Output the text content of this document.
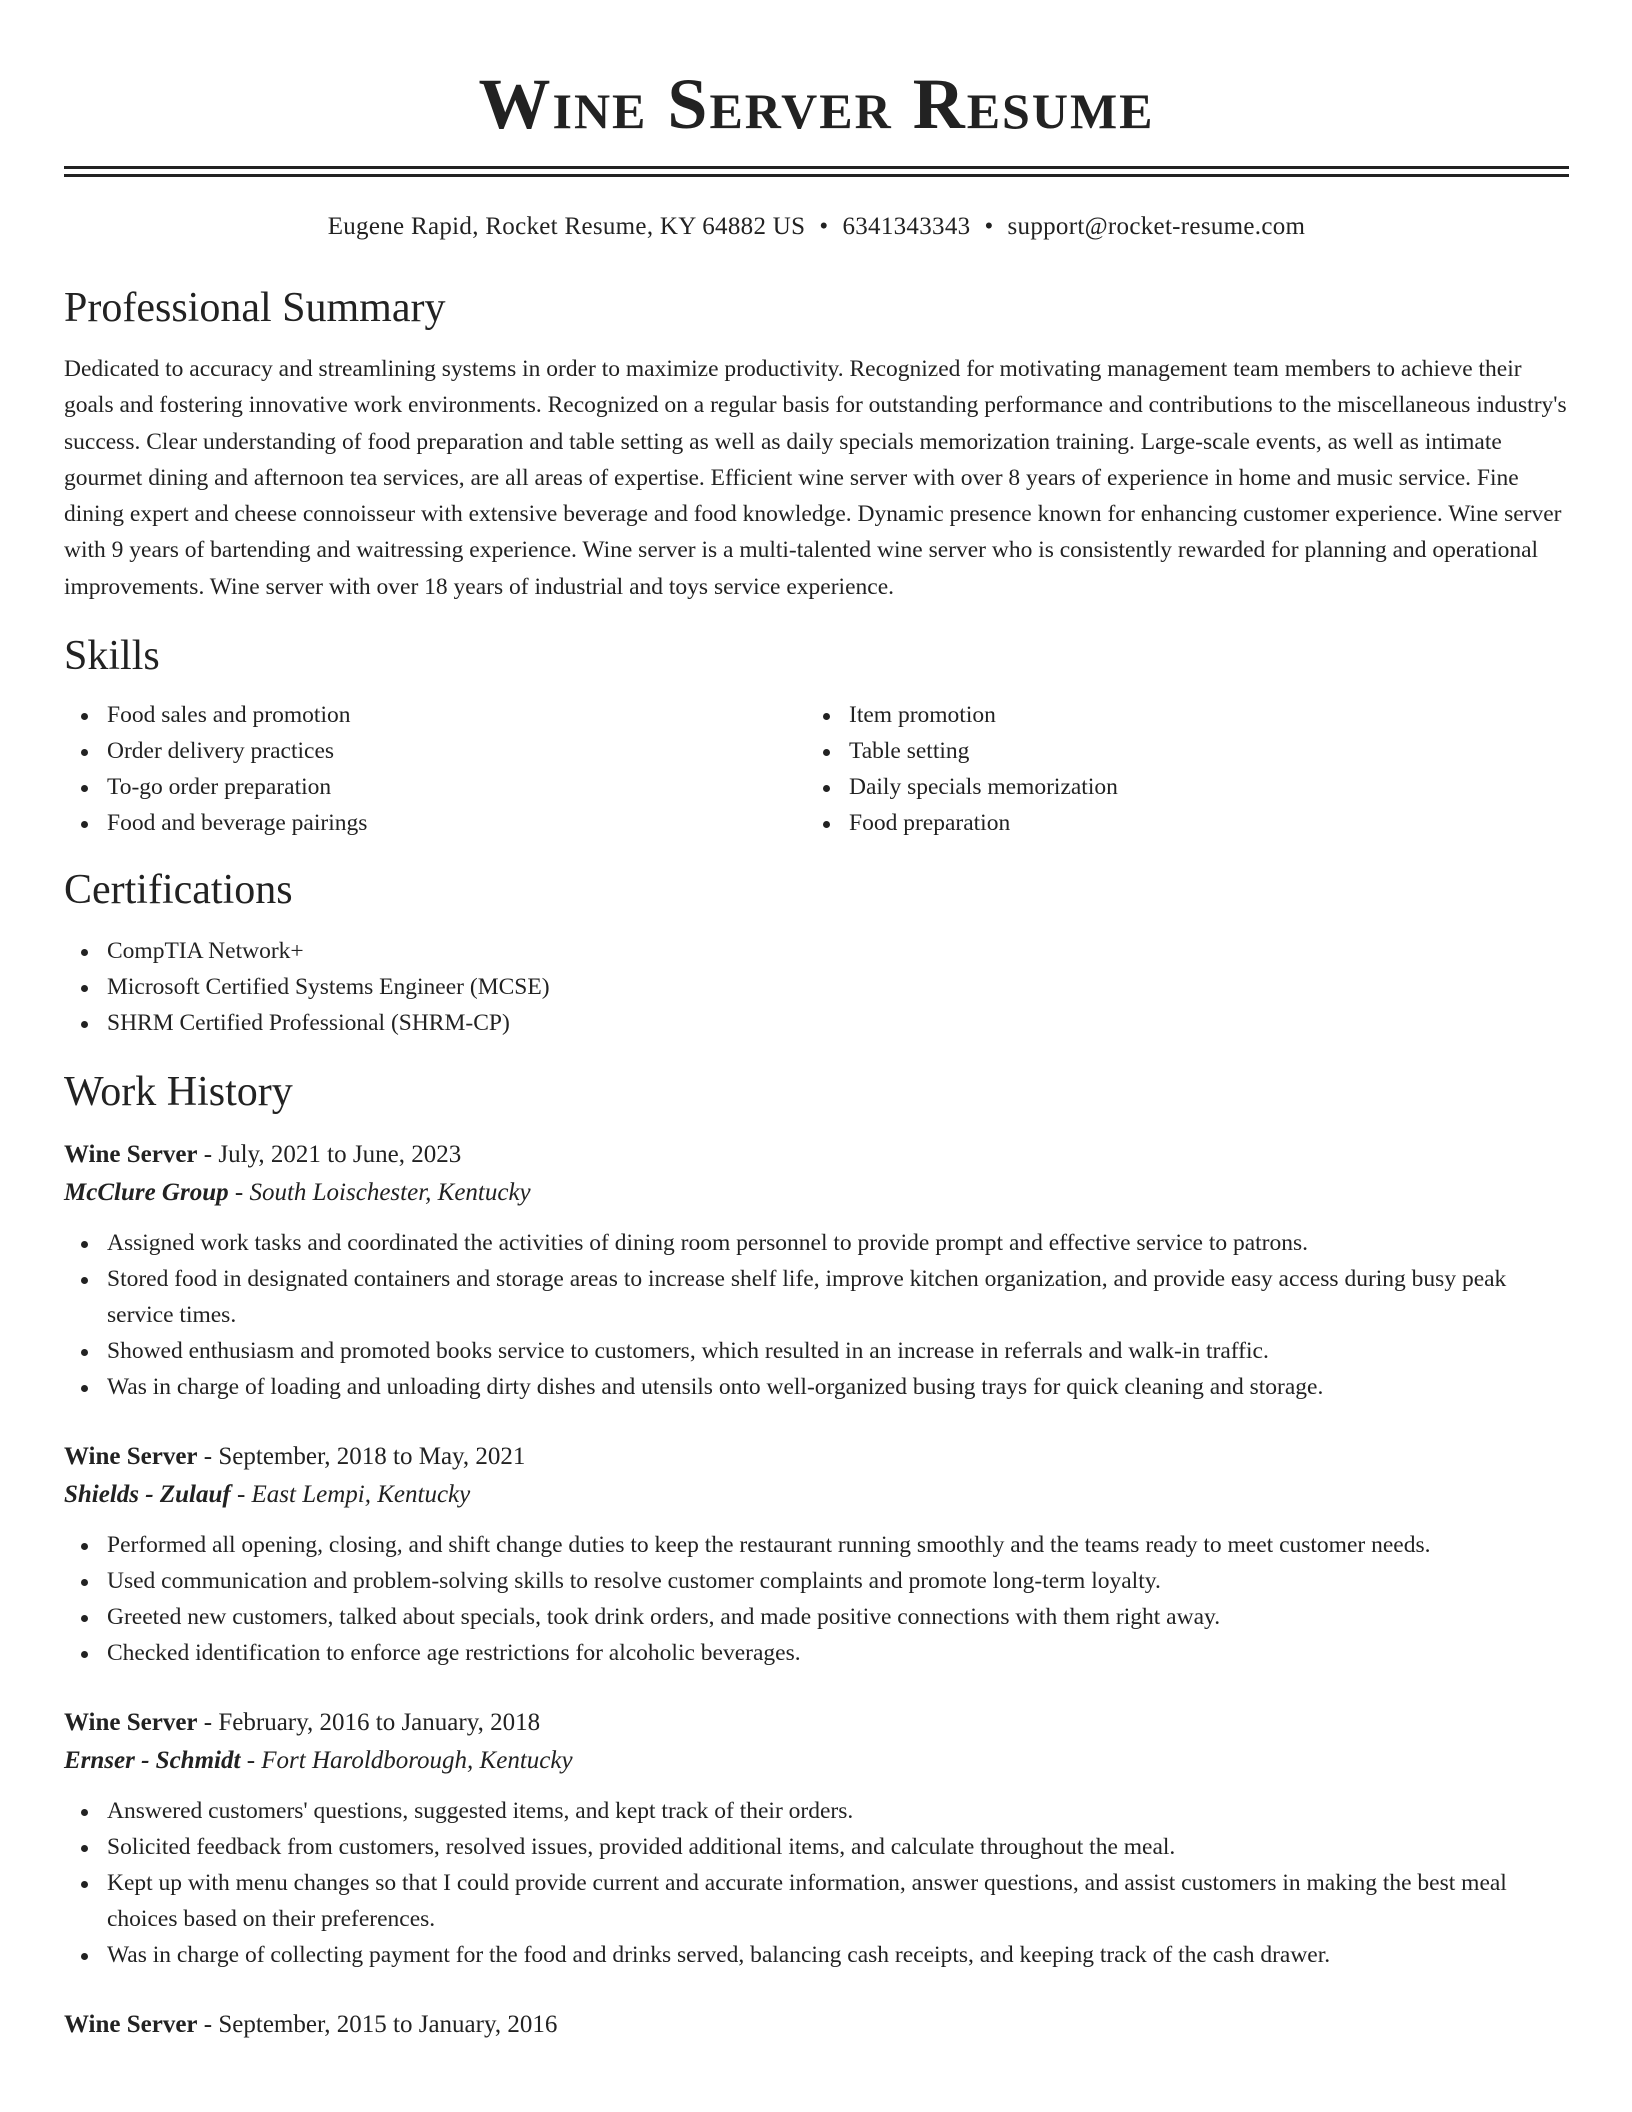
Wine Server Resume
Eugene Rapid, Rocket Resume, KY 64882 US • 6341343343 • support@rocket-resume.com
Professional Summary

Dedicated to accuracy and streamlining systems in order to maximize productivity. Recognized for motivating management team members to achieve their goals and fostering innovative work environments. Recognized on a regular basis for outstanding performance and contributions to the miscellaneous industry's success. Clear understanding of food preparation and table setting as well as daily specials memorization training. Large-scale events, as well as intimate gourmet dining and afternoon tea services, are all areas of expertise. Efficient wine server with over 8 years of experience in home and music service. Fine dining expert and cheese connoisseur with extensive beverage and food knowledge. Dynamic presence known for enhancing customer experience. Wine server with 9 years of bartending and waitressing experience. Wine server is a multi-talented wine server who is consistently rewarded for planning and operational improvements. Wine server with over 18 years of industrial and toys service experience.

Skills
Food sales and promotion
Order delivery practices
To-go order preparation
Food and beverage pairings
Item promotion
Table setting
Daily specials memorization
Food preparation
Certifications
CompTIA Network+
Microsoft Certified Systems Engineer (MCSE)
SHRM Certified Professional (SHRM-CP)
Work History
Wine Server - July, 2021 to June, 2023
McClure Group - South Loischester, Kentucky
Assigned work tasks and coordinated the activities of dining room personnel to provide prompt and effective service to patrons.
Stored food in designated containers and storage areas to increase shelf life, improve kitchen organization, and provide easy access during busy peak service times.
Showed enthusiasm and promoted books service to customers, which resulted in an increase in referrals and walk-in traffic.
Was in charge of loading and unloading dirty dishes and utensils onto well-organized busing trays for quick cleaning and storage.
Wine Server - September, 2018 to May, 2021
Shields - Zulauf - East Lempi, Kentucky
Performed all opening, closing, and shift change duties to keep the restaurant running smoothly and the teams ready to meet customer needs.
Used communication and problem-solving skills to resolve customer complaints and promote long-term loyalty.
Greeted new customers, talked about specials, took drink orders, and made positive connections with them right away.
Checked identification to enforce age restrictions for alcoholic beverages.
Wine Server - February, 2016 to January, 2018
Ernser - Schmidt - Fort Haroldborough, Kentucky
Answered customers' questions, suggested items, and kept track of their orders.
Solicited feedback from customers, resolved issues, provided additional items, and calculate throughout the meal.
Kept up with menu changes so that I could provide current and accurate information, answer questions, and assist customers in making the best meal choices based on their preferences.
Was in charge of collecting payment for the food and drinks served, balancing cash receipts, and keeping track of the cash drawer.
Wine Server - September, 2015 to January, 2016
